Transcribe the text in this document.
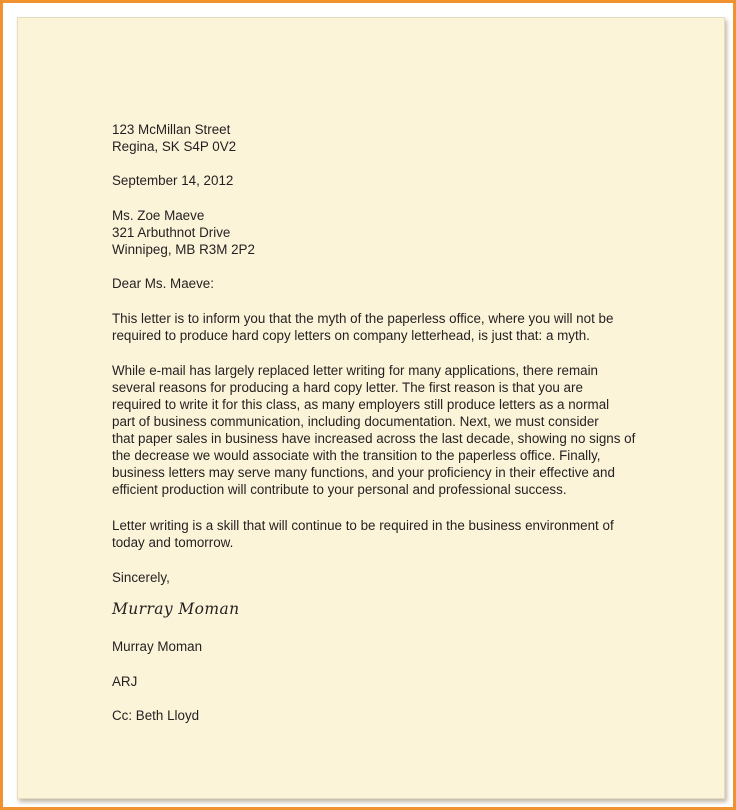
123 McMillan Street
Regina, SK S4P 0V2
September 14, 2012
Ms. Zoe Maeve
321 Arbuthnot Drive
Winnipeg, MB R3M 2P2
Dear Ms. Maeve:
This letter is to inform you that the myth of the paperless office, where you will not be
required to produce hard copy letters on company letterhead, is just that: a myth.
While e-mail has largely replaced letter writing for many applications, there remain
several reasons for producing a hard copy letter. The first reason is that you are
required to write it for this class, as many employers still produce letters as a normal
part of business communication, including documentation. Next, we must consider
that paper sales in business have increased across the last decade, showing no signs of
the decrease we would associate with the transition to the paperless office. Finally,
business letters may serve many functions, and your proficiency in their effective and
efficient production will contribute to your personal and professional success.
Letter writing is a skill that will continue to be required in the business environment of
today and tomorrow.
Sincerely,
Murray Moman
Murray Moman
ARJ
Cc: Beth Lloyd
